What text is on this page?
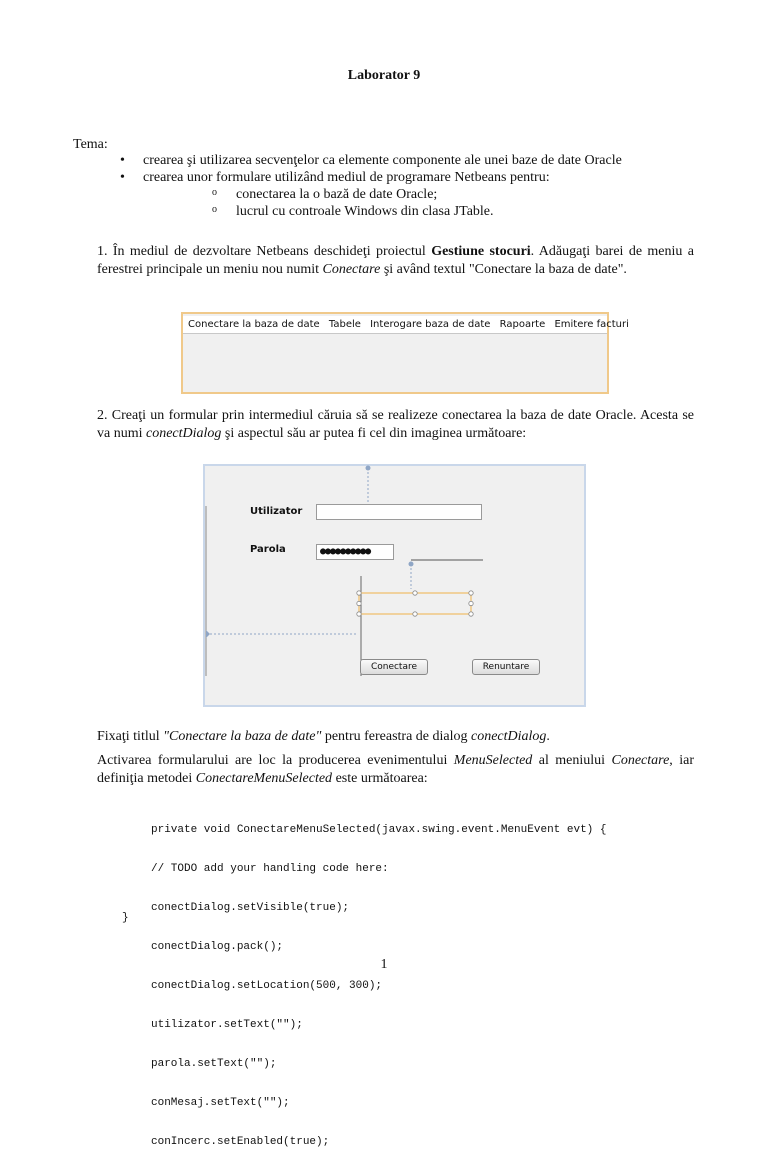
Laborator 9
Tema:
• crearea şi utilizarea secvenţelor ca elemente componente ale unei baze de date Oracle
• crearea unor formulare utilizând mediul de programare Netbeans pentru:
o conectarea la o bază de date Oracle;
o lucrul cu controale Windows din clasa JTable.
1. În mediul de dezvoltare Netbeans deschideţi proiectul Gestiune stocuri. Adăugaţi barei de meniu a ferestrei principale un meniu nou numit Conectare şi având textul "Conectare la baza de date".
Conectare la baza de date Tabele Interogare baza de date Rapoarte Emitere facturi
2. Creaţi un formular prin intermediul căruia să se realizeze conectarea la baza de date Oracle. Acesta se va numi conectDialog şi aspectul său ar putea fi cel din imaginea următoare:
Utilizator
Parola	●●●●●●●●●●
Conectare	Renuntare
Fixaţi titlul "Conectare la baza de date" pentru fereastra de dialog conectDialog.
Activarea formularului are loc la producerea evenimentului MenuSelected al meniului Conectare, iar definiţia metodei ConectareMenuSelected este următoarea:

private void ConectareMenuSelected(javax.swing.event.MenuEvent evt) {

// TODO add your handling code here:

conectDialog.setVisible(true);

conectDialog.pack();

conectDialog.setLocation(500, 300);

utilizator.setText("");

parola.setText("");

conMesaj.setText("");

conIncerc.setEnabled(true);

}
1
